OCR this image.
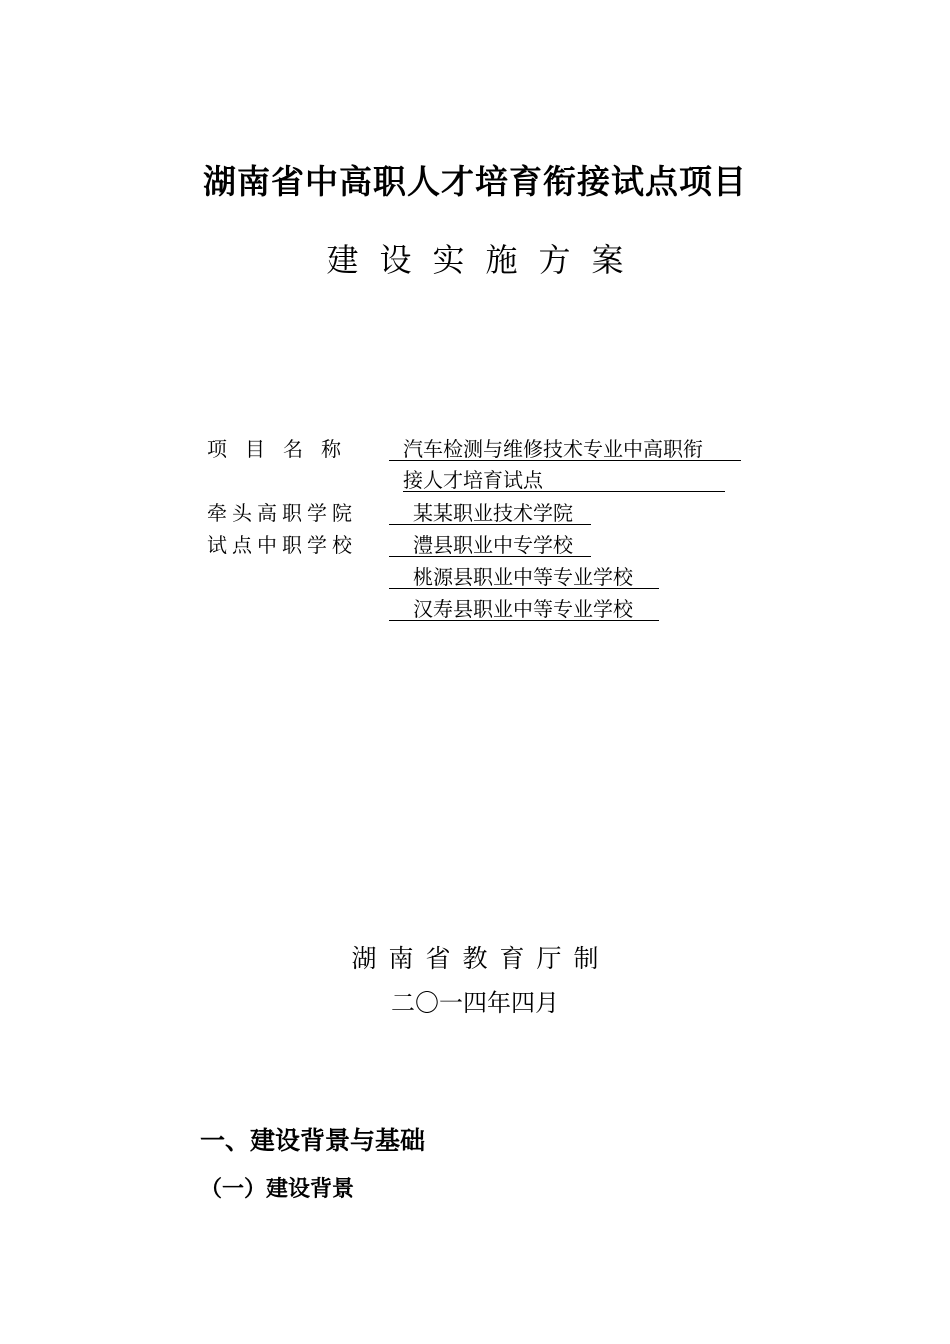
湖南省中高职人才培育衔接试点项目
建设实施方案
项目名称 汽车检测与维修技术专业中高职衔
接人才培育试点
牵头高职学院	某某职业技术学院
试点中职学校	澧县职业中专学校
桃源县职业中等专业学校
汉寿县职业中等专业学校
湖南省教育厅制
二〇一四年四月
一、建设背景与基础
（一）建设背景
